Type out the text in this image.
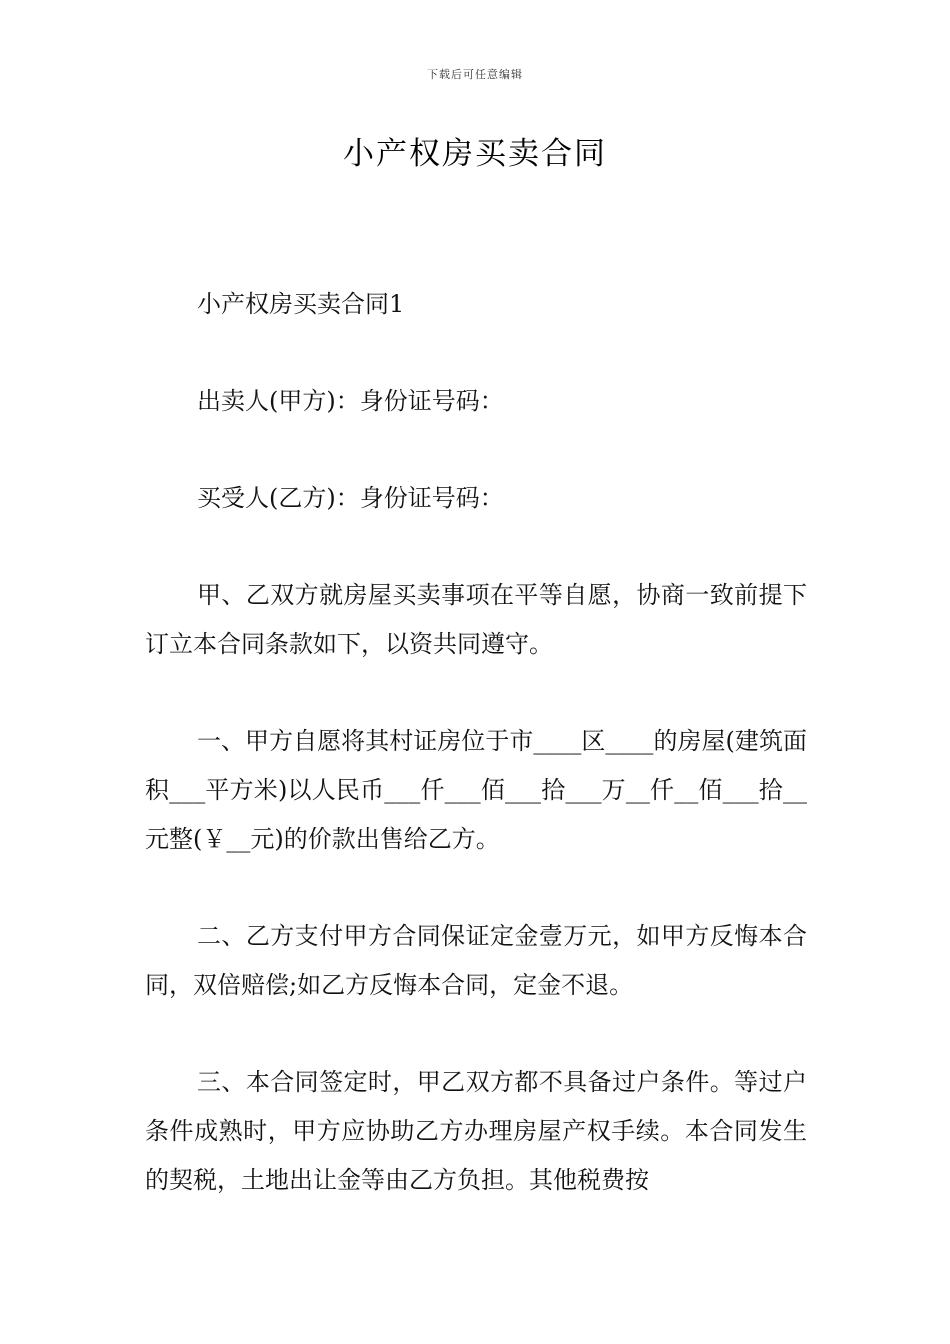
下载后可任意编辑
小产权房买卖合同

小产权房买卖合同1

出卖人(甲方)：身份证号码：

买受人(乙方)：身份证号码：

甲、乙双方就房屋买卖事项在平等自愿，协商一致前提下订立本合同条款如下，以资共同遵守。

一、甲方自愿将其村证房位于市____区____的房屋(建筑面积___平方米)以人民币___仟___佰___拾___万__仟__佰___拾__元整(￥__元)的价款出售给乙方。

二、乙方支付甲方合同保证定金壹万元，如甲方反悔本合同，双倍赔偿;如乙方反悔本合同，定金不退。

三、本合同签定时，甲乙双方都不具备过户条件。等过户条件成熟时，甲方应协助乙方办理房屋产权手续。本合同发生的契税，土地出让金等由乙方负担。其他税费按
